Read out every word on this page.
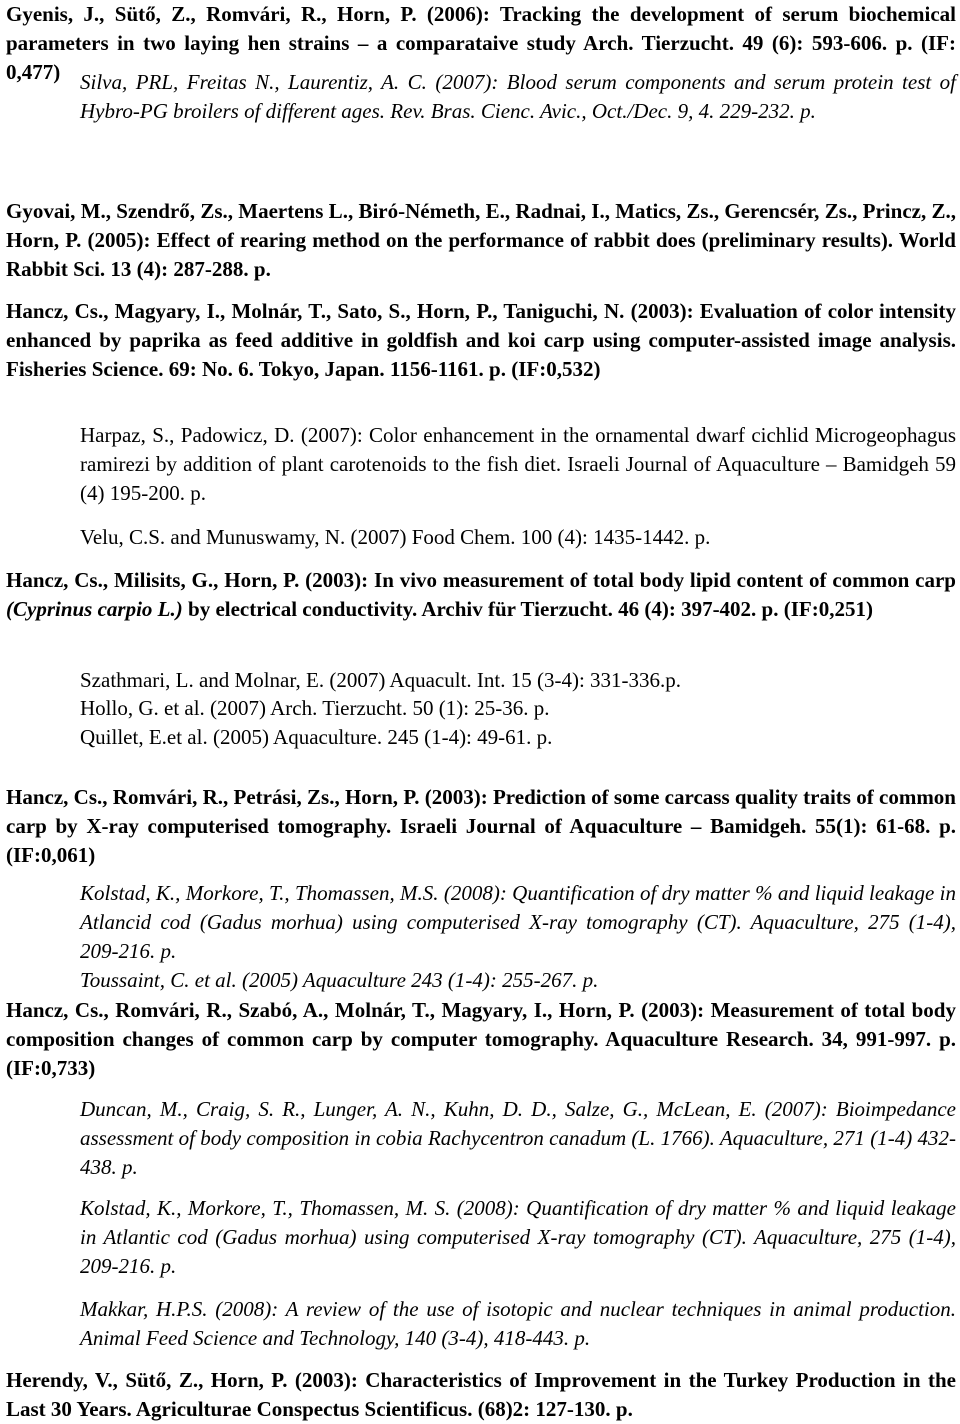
Gyenis, J., Sütő, Z., Romvári, R., Horn, P. (2006): Tracking the development of serum biochemical parameters in two laying hen strains – a comparataive study Arch. Tierzucht. 49 (6): 593-606. p. (IF: 0,477) Silva, PRL, Freitas N., Laurentiz, A. C. (2007): Blood serum components and serum protein test of Hybro-PG broilers of different ages. Rev. Bras. Cienc. Avic., Oct./Dec. 9, 4. 229-232. p.

Gyovai, M., Szendrő, Zs., Maertens L., Biró-Németh, E., Radnai, I., Matics, Zs., Gerencsér, Zs., Princz, Z., Horn, P. (2005): Effect of rearing method on the performance of rabbit does (preliminary results). World Rabbit Sci. 13 (4): 287-288. p.

Hancz, Cs., Magyary, I., Molnár, T., Sato, S., Horn, P., Taniguchi, N. (2003): Evaluation of color intensity enhanced by paprika as feed additive in goldfish and koi carp using computer-assisted image analysis. Fisheries Science. 69: No. 6. Tokyo, Japan. 1156-1161. p. (IF:0,532)

Harpaz, S., Padowicz, D. (2007): Color enhancement in the ornamental dwarf cichlid Microgeophagus ramirezi by addition of plant carotenoids to the fish diet. Israeli Journal of Aquaculture – Bamidgeh 59 (4) 195-200. p.

Velu, C.S. and Munuswamy, N. (2007) Food Chem. 100 (4): 1435-1442. p.

Hancz, Cs., Milisits, G., Horn, P. (2003): In vivo measurement of total body lipid content of common carp (Cyprinus carpio L.) by electrical conductivity. Archiv für Tierzucht. 46 (4): 397-402. p. (IF:0,251)

Szathmari, L. and Molnar, E. (2007) Aquacult. Int. 15 (3-4): 331-336.p.

Hollo, G. et al. (2007) Arch. Tierzucht. 50 (1): 25-36. p.

Quillet, E.et al. (2005) Aquaculture. 245 (1-4): 49-61. p.

Hancz, Cs., Romvári, R., Petrási, Zs., Horn, P. (2003): Prediction of some carcass quality traits of common carp by X-ray computerised tomography. Israeli Journal of Aquaculture – Bamidgeh. 55(1): 61-68. p. (IF:0,061)

Kolstad, K., Morkore, T., Thomassen, M.S. (2008): Quantification of dry matter % and liquid leakage in Atlancid cod (Gadus morhua) using computerised X-ray tomography (CT). Aquaculture, 275 (1-4), 209-216. p.

Toussaint, C. et al. (2005) Aquaculture 243 (1-4): 255-267. p.

Hancz, Cs., Romvári, R., Szabó, A., Molnár, T., Magyary, I., Horn, P. (2003): Measurement of total body composition changes of common carp by computer tomography. Aquaculture Research. 34, 991-997. p. (IF:0,733)

Duncan, M., Craig, S. R., Lunger, A. N., Kuhn, D. D., Salze, G., McLean, E. (2007): Bioimpedance assessment of body composition in cobia Rachycentron canadum (L. 1766). Aquaculture, 271 (1-4) 432-438. p.

Kolstad, K., Morkore, T., Thomassen, M. S. (2008): Quantification of dry matter % and liquid leakage in Atlantic cod (Gadus morhua) using computerised X-ray tomography (CT). Aquaculture, 275 (1-4), 209-216. p.

Makkar, H.P.S. (2008): A review of the use of isotopic and nuclear techniques in animal production. Animal Feed Science and Technology, 140 (3-4), 418-443. p.

Herendy, V., Sütő, Z., Horn, P. (2003): Characteristics of Improvement in the Turkey Production in the Last 30 Years. Agriculturae Conspectus Scientificus. (68)2: 127-130. p.
